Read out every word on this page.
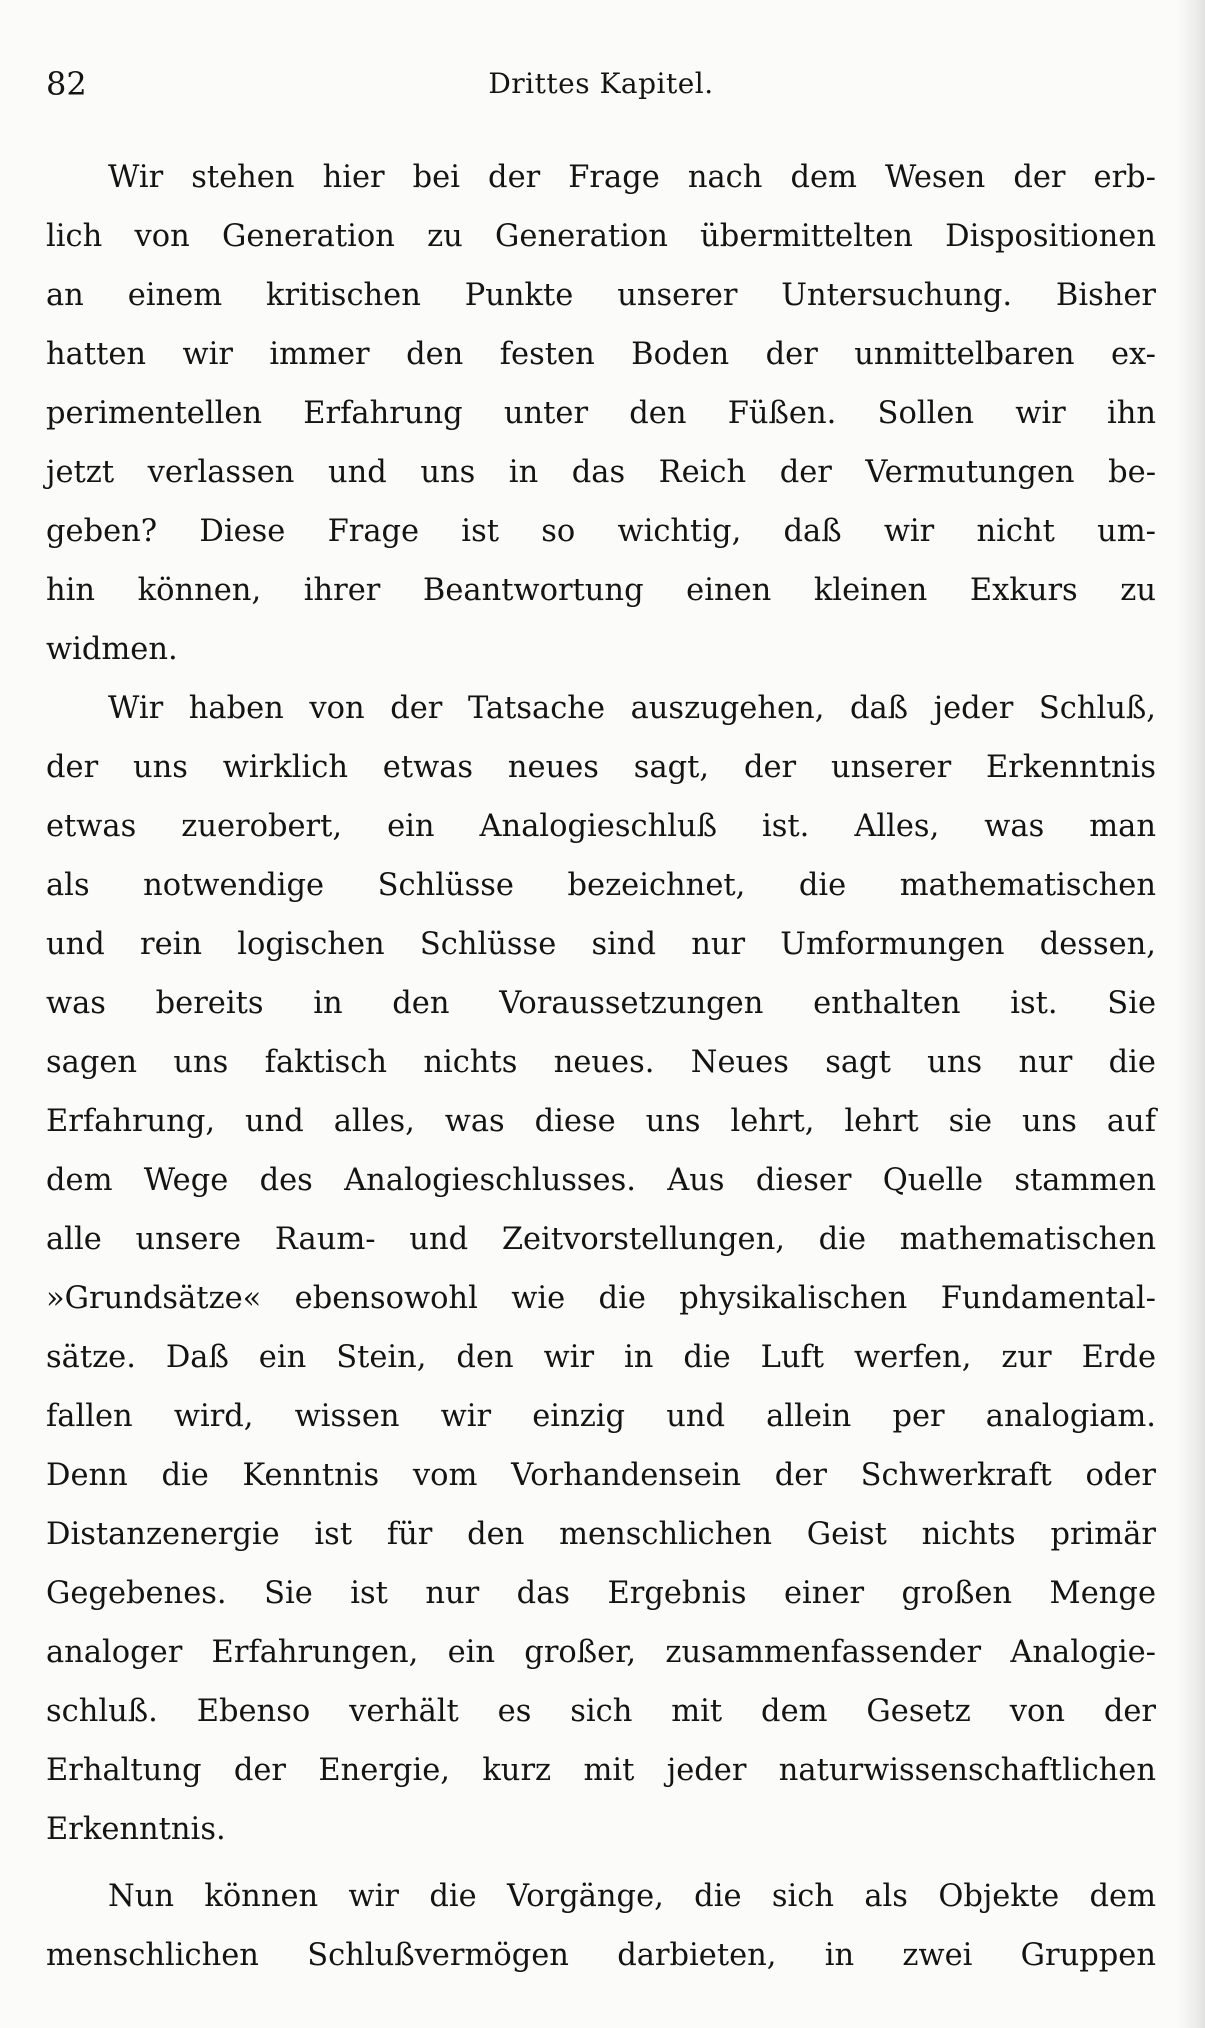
82	Drittes Kapitel.
Wir stehen hier bei der Frage nach dem Wesen der erb-
lich von Generation zu Generation übermittelten Dispositionen
an einem kritischen Punkte unserer Untersuchung. Bisher
hatten wir immer den festen Boden der unmittelbaren ex-
perimentellen Erfahrung unter den Füßen. Sollen wir ihn
jetzt verlassen und uns in das Reich der Vermutungen be-
geben? Diese Frage ist so wichtig, daß wir nicht um-
hin können, ihrer Beantwortung einen kleinen Exkurs zu
widmen.
Wir haben von der Tatsache auszugehen, daß jeder Schluß,
der uns wirklich etwas neues sagt, der unserer Erkenntnis
etwas zuerobert, ein Analogieschluß ist. Alles, was man
als notwendige Schlüsse bezeichnet, die mathematischen
und rein logischen Schlüsse sind nur Umformungen dessen,
was bereits in den Voraussetzungen enthalten ist. Sie
sagen uns faktisch nichts neues. Neues sagt uns nur die
Erfahrung, und alles, was diese uns lehrt, lehrt sie uns auf
dem Wege des Analogieschlusses. Aus dieser Quelle stammen
alle unsere Raum- und Zeitvorstellungen, die mathematischen
»Grundsätze« ebensowohl wie die physikalischen Fundamental-
sätze. Daß ein Stein, den wir in die Luft werfen, zur Erde
fallen wird, wissen wir einzig und allein per analogiam.
Denn die Kenntnis vom Vorhandensein der Schwerkraft oder
Distanzenergie ist für den menschlichen Geist nichts primär
Gegebenes. Sie ist nur das Ergebnis einer großen Menge
analoger Erfahrungen, ein großer, zusammenfassender Analogie-
schluß. Ebenso verhält es sich mit dem Gesetz von der
Erhaltung der Energie, kurz mit jeder naturwissenschaftlichen
Erkenntnis.
Nun können wir die Vorgänge, die sich als Objekte dem
menschlichen Schlußvermögen darbieten, in zwei Gruppen
